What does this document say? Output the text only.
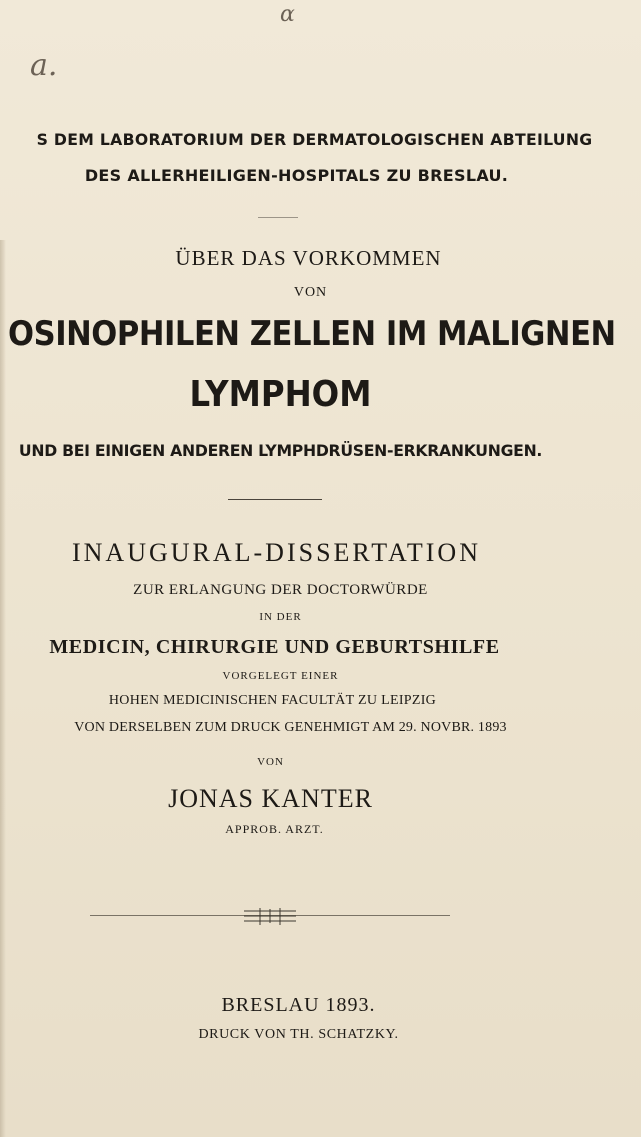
α
a.
S DEM LABORATORIUM DER DERMATOLOGISCHEN ABTEILUNG
DES ALLERHEILIGEN-HOSPITALS ZU BRESLAU.
ÜBER DAS VORKOMMEN
VON
OSINOPHILEN ZELLEN IM MALIGNEN
LYMPHOM
UND BEI EINIGEN ANDEREN LYMPHDRÜSEN-ERKRANKUNGEN.
INAUGURAL-DISSERTATION
ZUR ERLANGUNG DER DOCTORWÜRDE
IN DER
MEDICIN, CHIRURGIE UND GEBURTSHILFE
VORGELEGT EINER
HOHEN MEDICINISCHEN FACULTÄT ZU LEIPZIG
VON DERSELBEN ZUM DRUCK GENEHMIGT AM 29. NOVBR. 1893
VON
JONAS KANTER
APPROB. ARZT.
BRESLAU 1893.
DRUCK VON TH. SCHATZKY.
